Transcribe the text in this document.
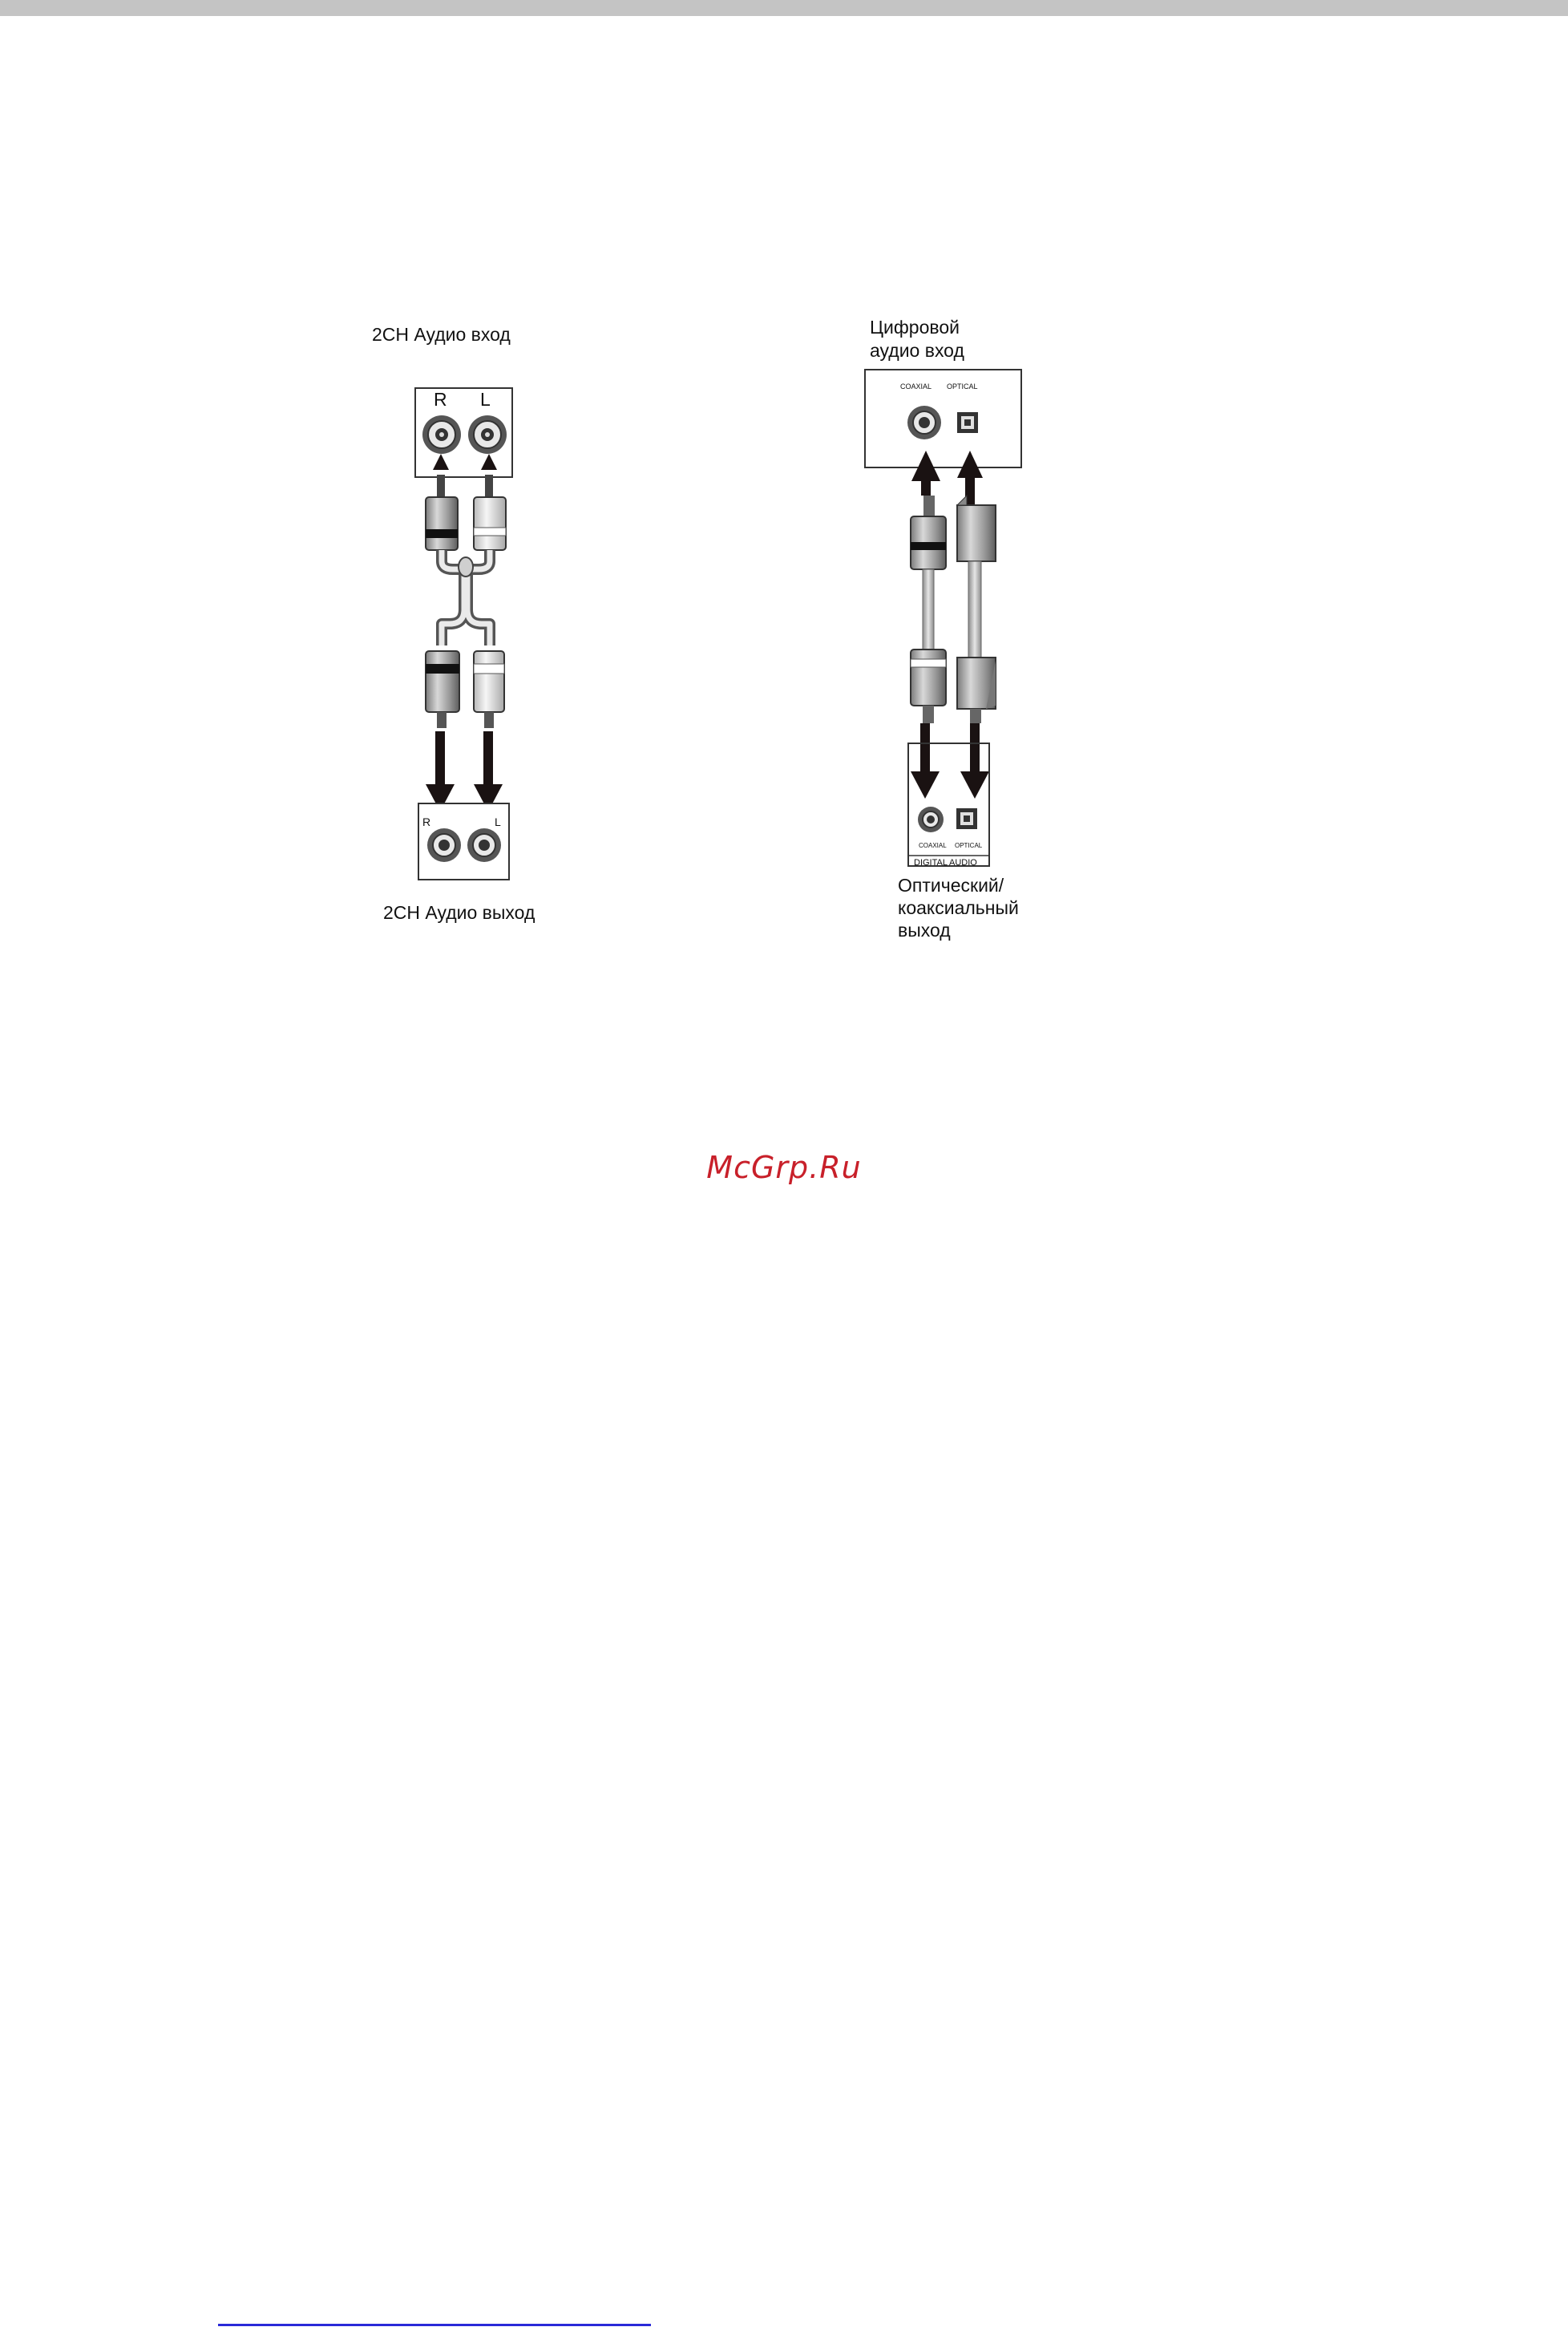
2CH Аудио вход
2CH Аудио выход
Цифровой
аудио вход
Оптический/
коаксиальный
выход
R L
R	L
COAXIAL OPTICAL
COAXIAL OPTICAL
DIGITAL AUDIO
McGrp.Ru
